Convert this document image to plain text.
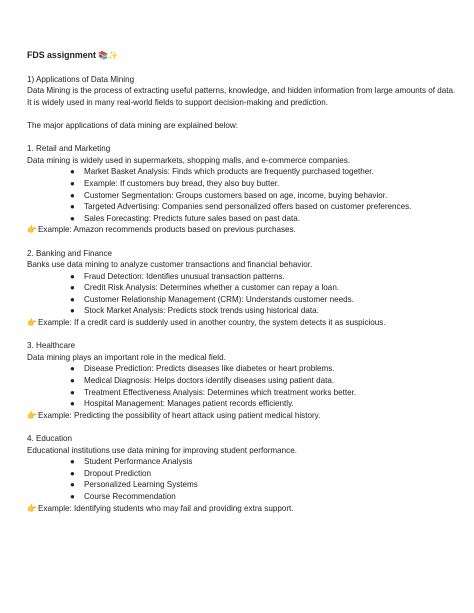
FDS assignment 📚✨

1) Applications of Data Mining

Data Mining is the process of extracting useful patterns, knowledge, and hidden information from large amounts of data. It is widely used in many real-world fields to support decision-making and prediction.

The major applications of data mining are explained below:

1. Retail and Marketing

Data mining is widely used in supermarkets, shopping malls, and e-commerce companies.

● Market Basket Analysis: Finds which products are frequently purchased together.
● Example: If customers buy bread, they also buy butter.
● Customer Segmentation: Groups customers based on age, income, buying behavior.
● Targeted Advertising: Companies send personalized offers based on customer preferences.
● Sales Forecasting: Predicts future sales based on past data.

👉Example: Amazon recommends products based on previous purchases.

2. Banking and Finance

Banks use data mining to analyze customer transactions and financial behavior.

● Fraud Detection: Identifies unusual transaction patterns.
● Credit Risk Analysis: Determines whether a customer can repay a loan.
● Customer Relationship Management (CRM): Understands customer needs.
● Stock Market Analysis: Predicts stock trends using historical data.

👉Example: If a credit card is suddenly used in another country, the system detects it as suspicious.

3. Healthcare

Data mining plays an important role in the medical field.

● Disease Prediction: Predicts diseases like diabetes or heart problems.
● Medical Diagnosis: Helps doctors identify diseases using patient data.
● Treatment Effectiveness Analysis: Determines which treatment works better.
● Hospital Management: Manages patient records efficiently.

👉Example: Predicting the possibility of heart attack using patient medical history.

4. Education

Educational institutions use data mining for improving student performance.

● Student Performance Analysis
● Dropout Prediction
● Personalized Learning Systems
● Course Recommendation

👉Example: Identifying students who may fail and providing extra support.
